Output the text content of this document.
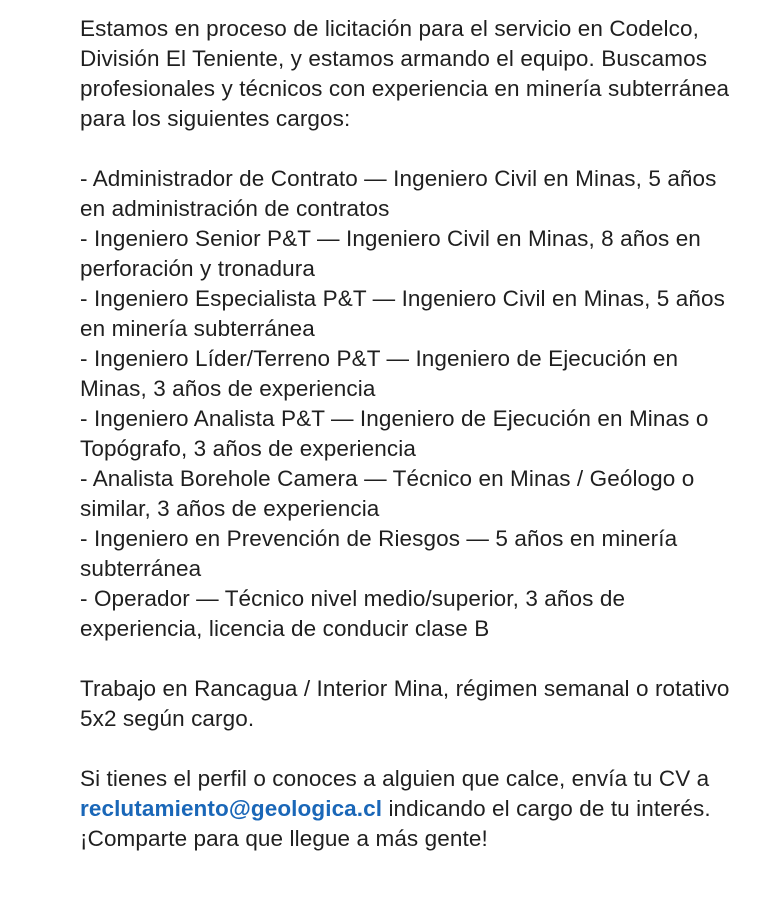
Estamos en proceso de licitación para el servicio en Codelco, División El Teniente, y estamos armando el equipo. Buscamos profesionales y técnicos con experiencia en minería subterránea para los siguientes cargos:

- Administrador de Contrato — Ingeniero Civil en Minas, 5 años en administración de contratos
- Ingeniero Senior P&T — Ingeniero Civil en Minas, 8 años en perforación y tronadura
- Ingeniero Especialista P&T — Ingeniero Civil en Minas, 5 años en minería subterránea
- Ingeniero Líder/Terreno P&T — Ingeniero de Ejecución en Minas, 3 años de experiencia
- Ingeniero Analista P&T — Ingeniero de Ejecución en Minas o Topógrafo, 3 años de experiencia
- Analista Borehole Camera — Técnico en Minas / Geólogo o similar, 3 años de experiencia
- Ingeniero en Prevención de Riesgos — 5 años en minería subterránea
- Operador — Técnico nivel medio/superior, 3 años de experiencia, licencia de conducir clase B

Trabajo en Rancagua / Interior Mina, régimen semanal o rotativo 5x2 según cargo.

Si tienes el perfil o conoces a alguien que calce, envía tu CV a reclutamiento@geologica.cl indicando el cargo de tu interés. ¡Comparte para que llegue a más gente!
